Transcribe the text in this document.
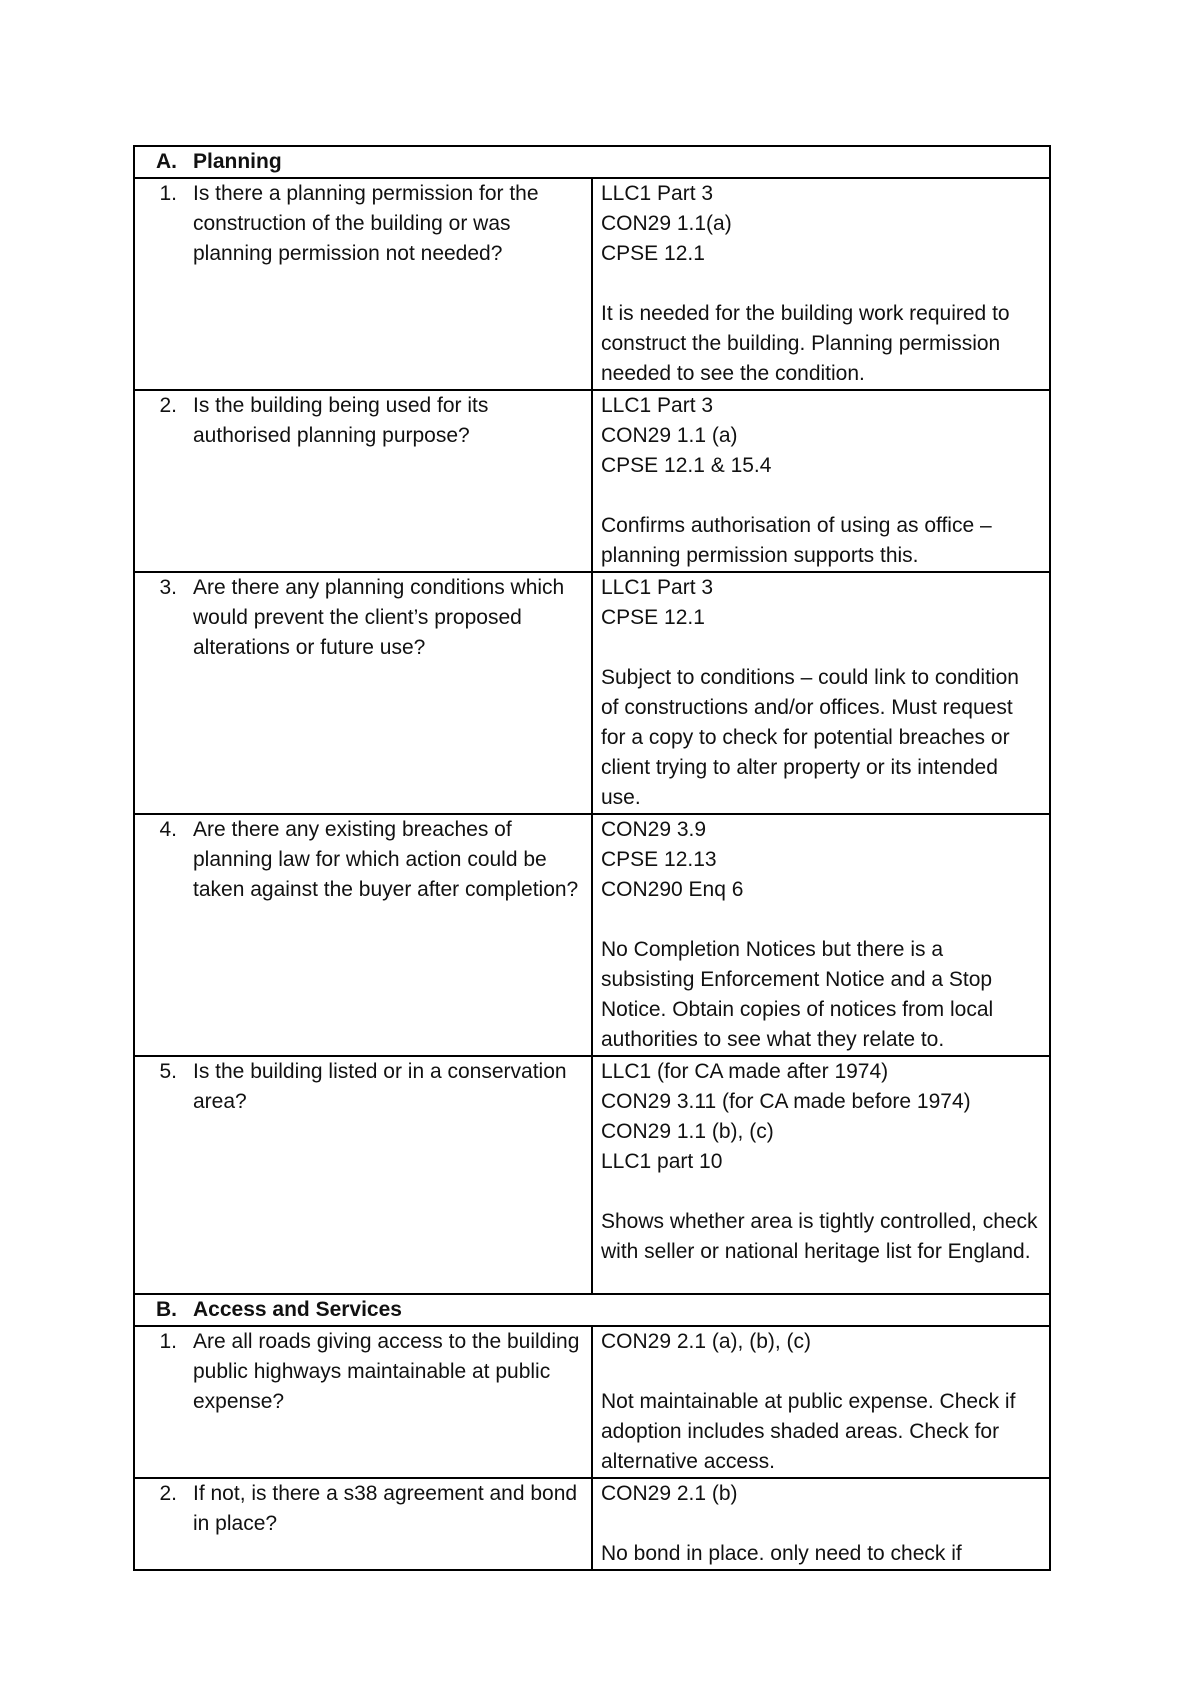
A. Planning	

1. Is there a planning permission for the construction of the building or was planning permission not needed?	LLC1 Part 3
CON29 1.1(a)
CPSE 12.1
It is needed for the building work required to construct the building. Planning permission needed to see the condition.

2. Is the building being used for its authorised planning purpose?	LLC1 Part 3
CON29 1.1 (a)
CPSE 12.1 & 15.4
Confirms authorisation of using as office – planning permission supports this.

3. Are there any planning conditions which would prevent the client’s proposed alterations or future use?	LLC1 Part 3
CPSE 12.1
Subject to conditions – could link to condition of constructions and/or offices. Must request for a copy to check for potential breaches or client trying to alter property or its intended use.

4. Are there any existing breaches of planning law for which action could be taken against the buyer after completion?	CON29 3.9
CPSE 12.13
CON290 Enq 6
No Completion Notices but there is a subsisting Enforcement Notice and a Stop Notice. Obtain copies of notices from local authorities to see what they relate to.

5. Is the building listed or in a conservation area?	LLC1 (for CA made after 1974)
CON29 3.11 (for CA made before 1974)
CON29 1.1 (b), (c)
LLC1 part 10
Shows whether area is tightly controlled, check with seller or national heritage list for England.

B. Access and Services	

1. Are all roads giving access to the building public highways maintainable at public expense?	CON29 2.1 (a), (b), (c)
Not maintainable at public expense. Check if adoption includes shaded areas. Check for alternative access.

2. If not, is there a s38 agreement and bond in place?	CON29 2.1 (b)
No bond in place. only need to check if
